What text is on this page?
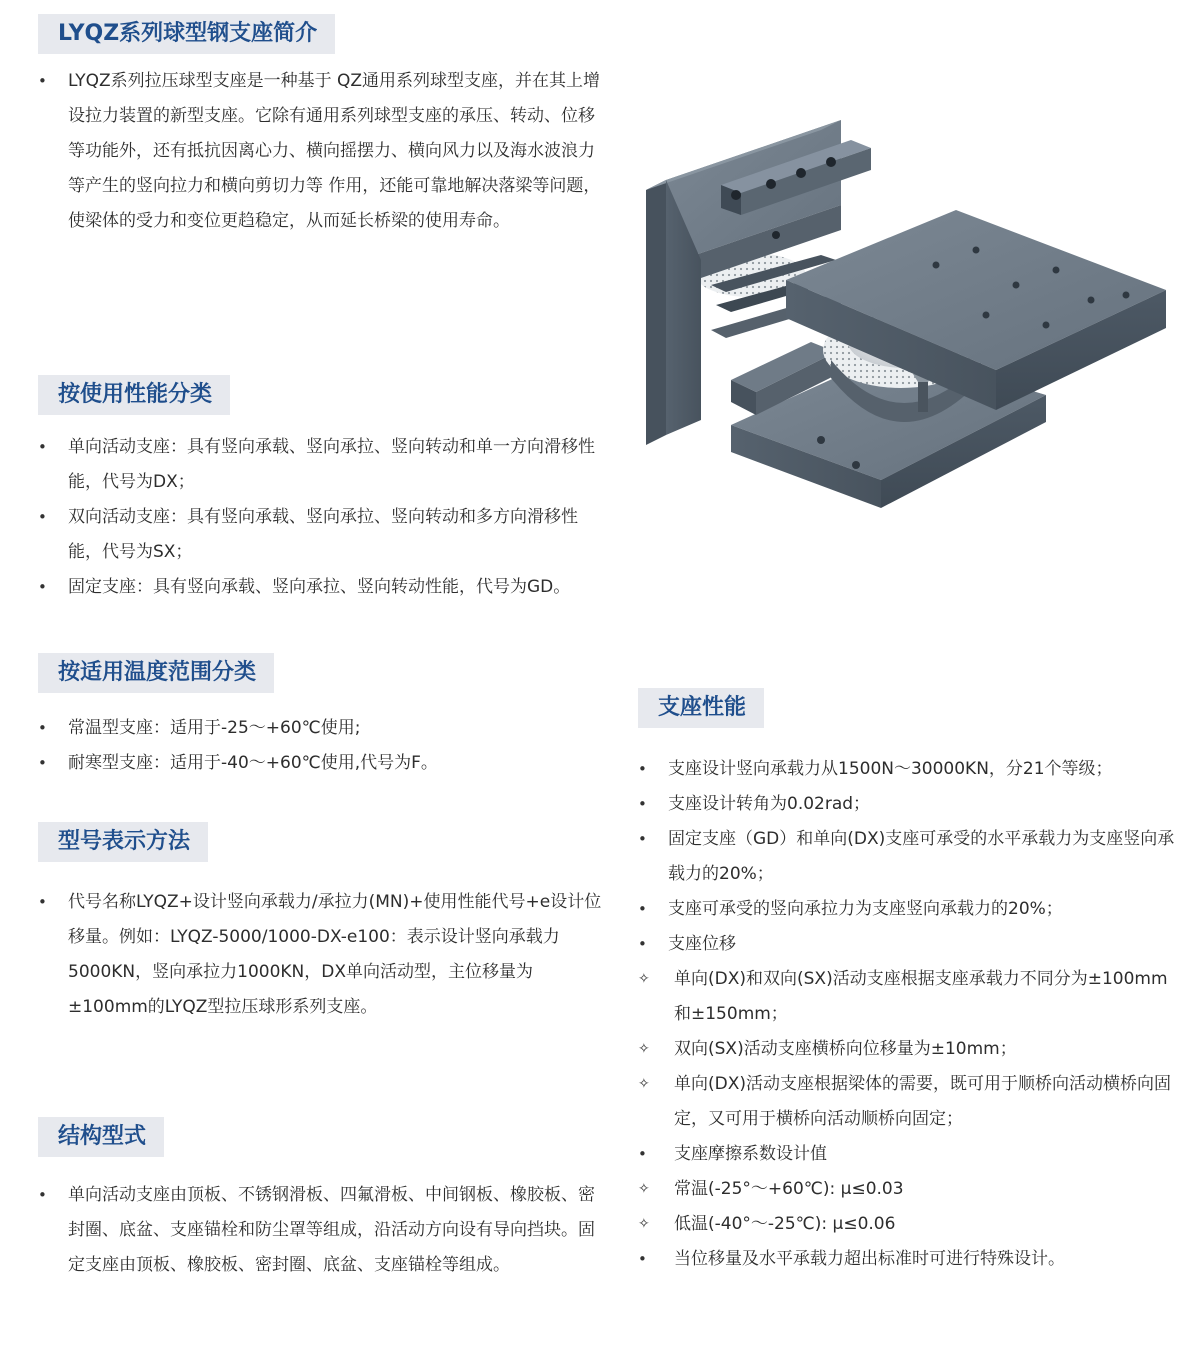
LYQZ系列球型钢支座简介
• LYQZ系列拉压球型支座是一种基于 QZ通用系列球型支座，并在其上增设拉力装置的新型支座。它除有通用系列球型支座的承压、转动、位移等功能外，还有抵抗因离心力、横向摇摆力、横向风力以及海水波浪力等产生的竖向拉力和横向剪切力等 作用，还能可靠地解决落梁等问题，使梁体的受力和变位更趋稳定，从而延长桥梁的使用寿命。
按使用性能分类
• 单向活动支座：具有竖向承载、竖向承拉、竖向转动和单一方向滑移性能，代号为DX；
• 双向活动支座：具有竖向承载、竖向承拉、竖向转动和多方向滑移性能，代号为SX；
• 固定支座：具有竖向承载、竖向承拉、竖向转动性能，代号为GD。
按适用温度范围分类
• 常温型支座：适用于-25～+60℃使用;
• 耐寒型支座：适用于-40～+60℃使用,代号为F。
型号表示方法
• 代号名称LYQZ+设计竖向承载力/承拉力(MN)+使用性能代号+e设计位移量。例如：LYQZ-5000/1000-DX-e100：表示设计竖向承载力5000KN，竖向承拉力1000KN，DX单向活动型，主位移量为±100mm的LYQZ型拉压球形系列支座。
结构型式
• 单向活动支座由顶板、不锈钢滑板、四氟滑板、中间钢板、橡胶板、密封圈、底盆、支座锚栓和防尘罩等组成，沿活动方向设有导向挡块。固定支座由顶板、橡胶板、密封圈、底盆、支座锚栓等组成。
支座性能
• 支座设计竖向承载力从1500N～30000KN，分21个等级；
• 支座设计转角为0.02rad；
• 固定支座（GD）和单向(DX)支座可承受的水平承载力为支座竖向承载力的20%；
• 支座可承受的竖向承拉力为支座竖向承载力的20%；
• 支座位移
✧ 单向(DX)和双向(SX)活动支座根据支座承载力不同分为±100mm和±150mm；
✧ 双向(SX)活动支座横桥向位移量为±10mm；
✧ 单向(DX)活动支座根据梁体的需要，既可用于顺桥向活动横桥向固定，又可用于横桥向活动顺桥向固定；
• 支座摩擦系数设计值
✧ 常温(-25°～+60℃): μ≤0.03
✧ 低温(-40°～-25℃): μ≤0.06
• 当位移量及水平承载力超出标准时可进行特殊设计。
